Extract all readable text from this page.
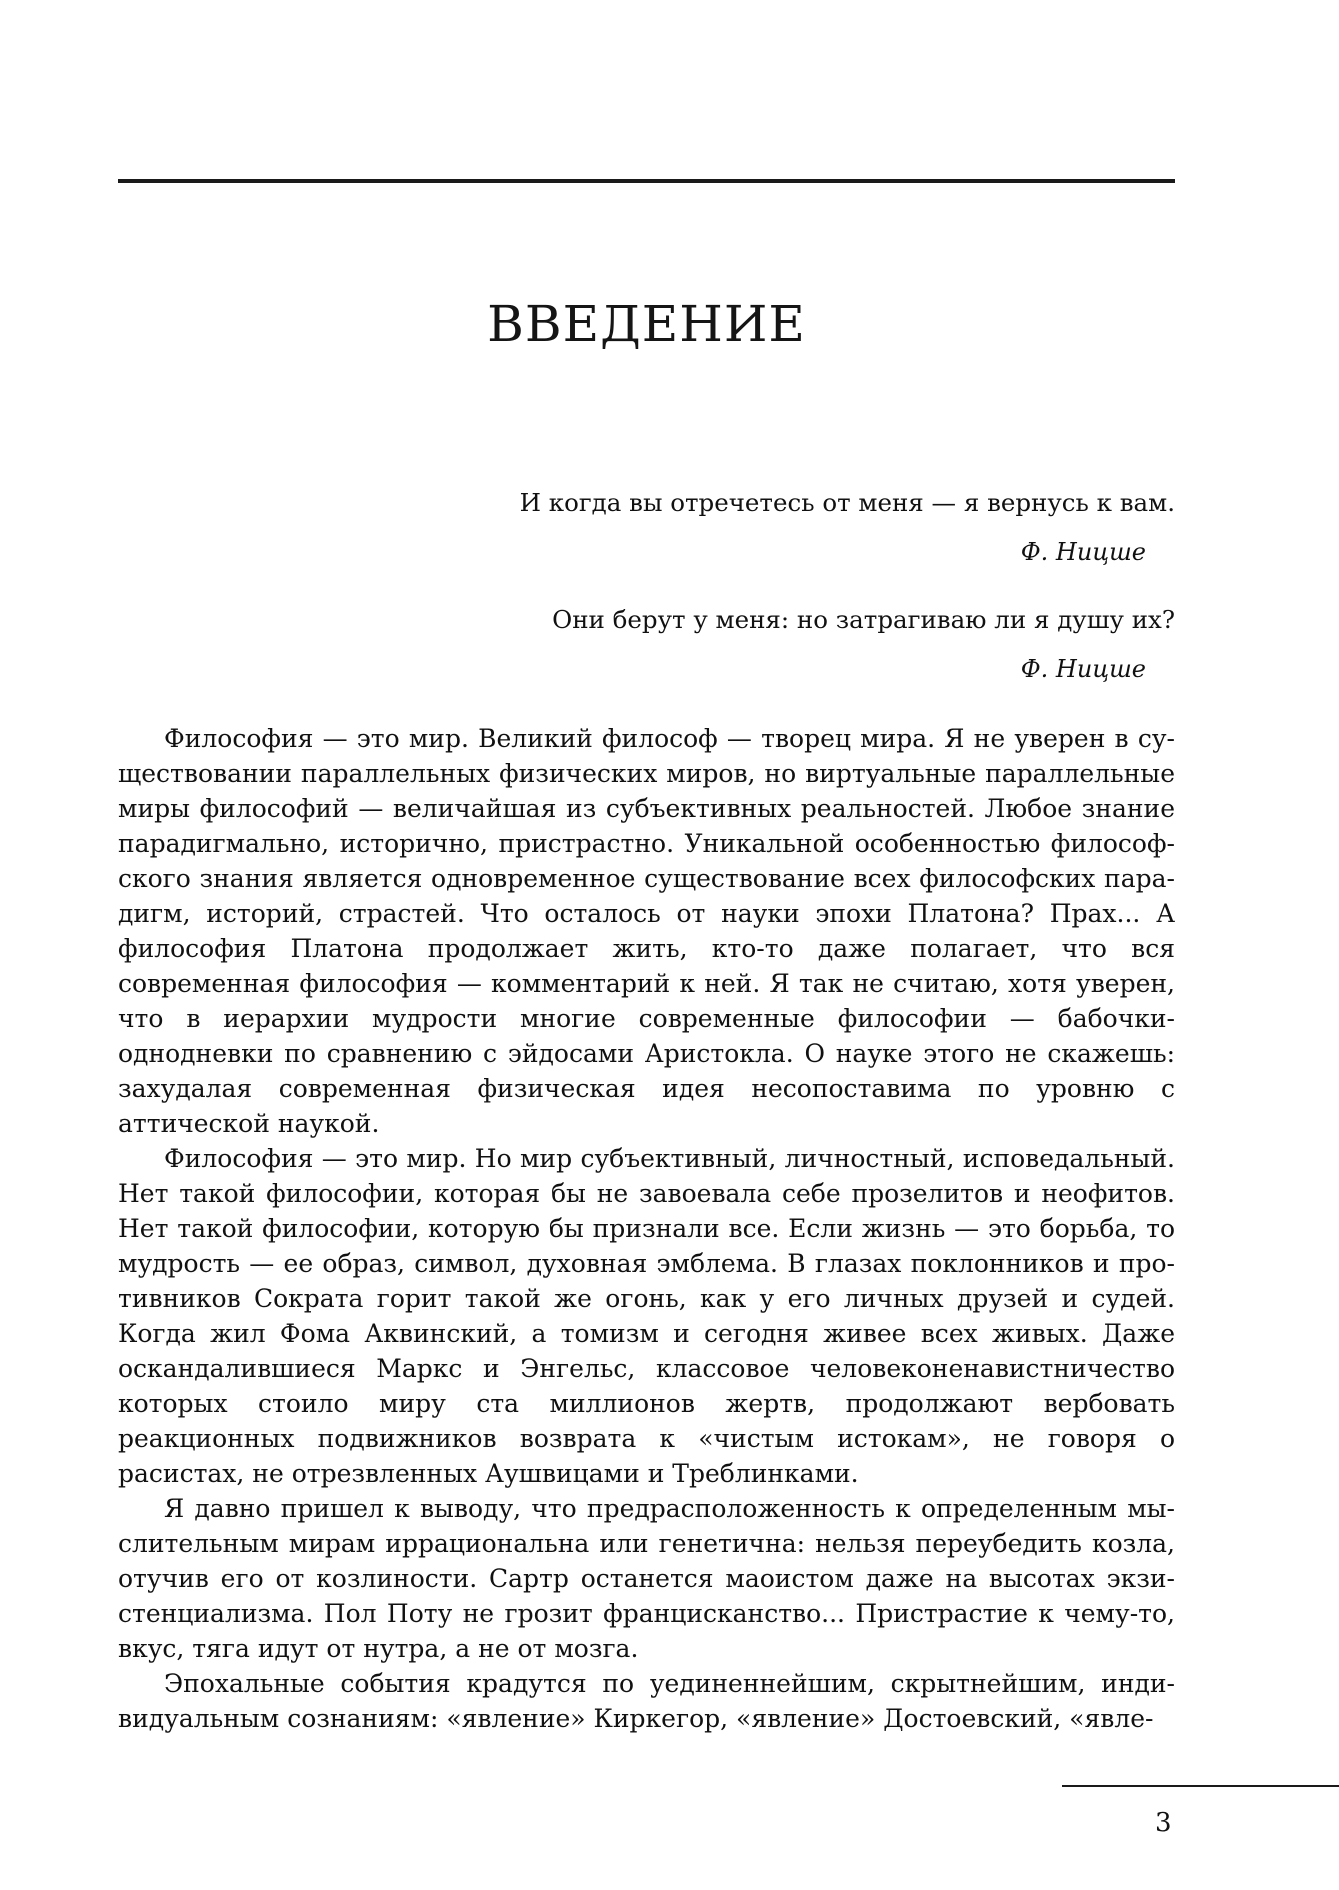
ВВЕДЕНИЕ

И когда вы отречетесь от меня — я вернусь к вам.

Ф. Ницше

Они берут у меня: но затрагиваю ли я душу их?

Ф. Ницше

Философия — это мир. Великий философ — творец мира. Я не уверен в существовании параллельных физических миров, но виртуальные параллельные миры философий — величайшая из субъективных реальностей. Любое знание парадигмально, исторично, пристрастно. Уникальной особенностью философского знания является одновременное существование всех философских парадигм, историй, страстей. Что осталось от науки эпохи Платона? Прах... А философия Платона продолжает жить, кто-то даже полагает, что вся современная философия — комментарий к ней. Я так не считаю, хотя уверен, что в иерархии мудрости многие современные философии — бабочки-однодневки по сравнению с эйдосами Аристокла. О науке этого не скажешь: захудалая современная физическая идея несопоставима по уровню с аттической наукой.

Философия — это мир. Но мир субъективный, личностный, исповедальный. Нет такой философии, которая бы не завоевала себе прозелитов и неофитов. Нет такой философии, которую бы признали все. Если жизнь — это борьба, то мудрость — ее образ, символ, духовная эмблема. В глазах поклонников и противников Сократа горит такой же огонь, как у его личных друзей и судей. Когда жил Фома Аквинский, а томизм и сегодня живее всех живых. Даже оскандалившиеся Маркс и Энгельс, классовое человеконенавистничество которых стоило миру ста миллионов жертв, продолжают вербовать реакционных подвижников возврата к «чистым истокам», не говоря о расистах, не отрезвленных Аушвицами и Треблинками.

Я давно пришел к выводу, что предрасположенность к определенным мыслительным мирам иррациональна или генетична: нельзя переубедить козла, отучив его от козлиности. Сартр останется маоистом даже на высотах экзистенциализма. Пол Поту не грозит францисканство... Пристрастие к чему-то, вкус, тяга идут от нутра, а не от мозга.

Эпохальные события крадутся по уединеннейшим, скрытнейшим, индивидуальным сознаниям: «явление» Киркегор, «явление» Достоевский, «явле-

3
